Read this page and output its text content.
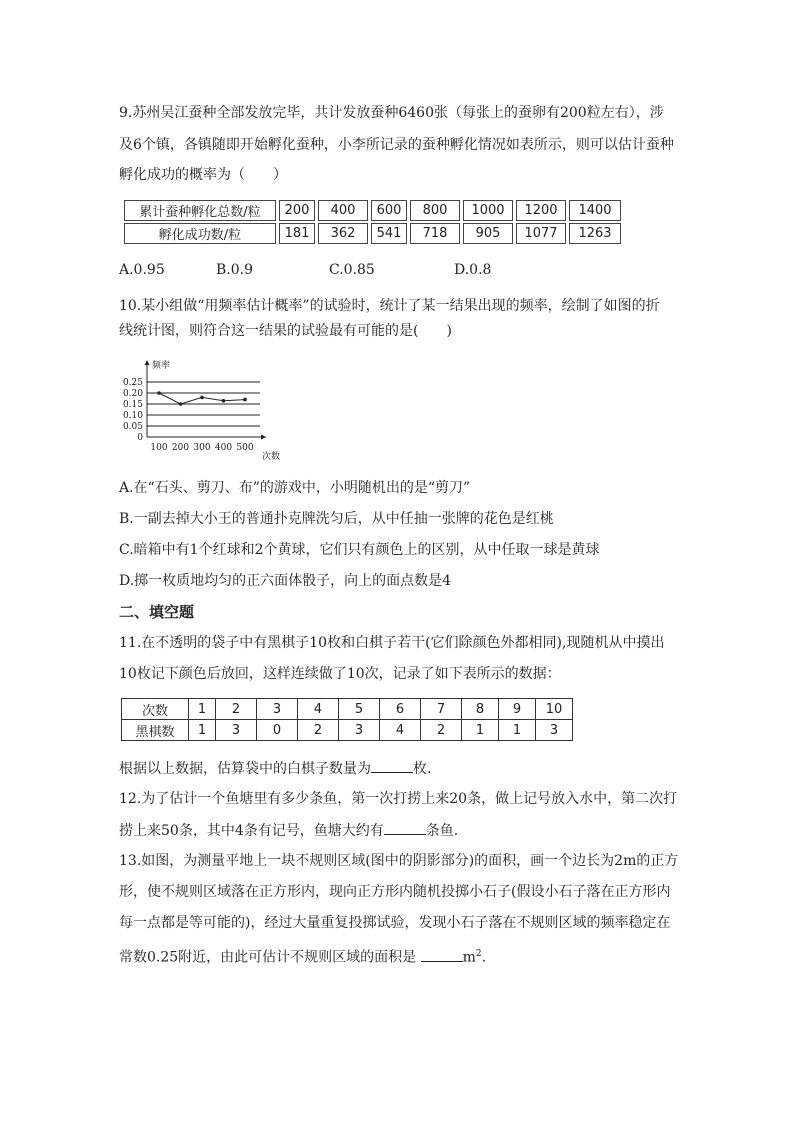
9.苏州吴江蚕种全部发放完毕，共计发放蚕种6460张（每张上的蚕卵有200粒左右），涉
及6个镇，各镇随即开始孵化蚕种，小李所记录的蚕种孵化情况如表所示，则可以估计蚕种
孵化成功的概率为（　　）
累计蚕种孵化总数/粒	200	400	600	800	1000	1200	1400
孵化成功数/粒	181	362	541	718	905	1077	1263
A.0.95	B.0.9	C.0.85	D.0.8
10.某小组做“用频率估计概率”的试验时，统计了某一结果出现的频率，绘制了如图的折
线统计图，则符合这一结果的试验最有可能的是(　　)
0
0.05
0.10
0.15
0.20
0.25
频率
次数
100 200 300 400 500
A.在“石头、剪刀、布”的游戏中，小明随机出的是“剪刀”
B.一副去掉大小王的普通扑克牌洗匀后，从中任抽一张牌的花色是红桃
C.暗箱中有1个红球和2个黄球，它们只有颜色上的区别，从中任取一球是黄球
D.掷一枚质地均匀的正六面体骰子，向上的面点数是4
二、填空题
11.在不透明的袋子中有黑棋子10枚和白棋子若干(它们除颜色外都相同),现随机从中摸出
10枚记下颜色后放回，这样连续做了10次，记录了如下表所示的数据：
次数	1	2	3	4	5	6	7	8	9	10
黑棋数	1	3	0	2	3	4	2	1	1	3
根据以上数据，估算袋中的白棋子数量为	枚.
12.为了估计一个鱼塘里有多少条鱼，第一次打捞上来20条，做上记号放入水中，第二次打
捞上来50条，其中4条有记号，鱼塘大约有	条鱼.
13.如图，为测量平地上一块不规则区域(图中的阴影部分)的面积，画一个边长为2m的正方
形，使不规则区域落在正方形内，现向正方形内随机投掷小石子(假设小石子落在正方形内
每一点都是等可能的)，经过大量重复投掷试验，发现小石子落在不规则区域的频率稳定在
常数0.25附近，由此可估计不规则区域的面积是	$m^2$.
